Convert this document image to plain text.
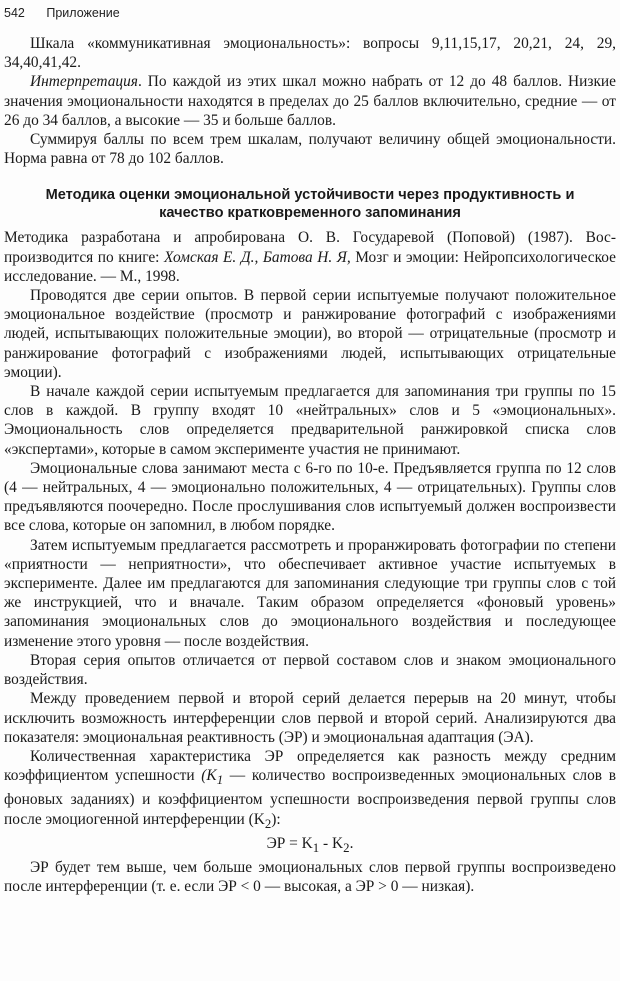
542 Приложение

Шкала «коммуникативная эмоциональность»: вопросы 9,11,15,17, 20,21, 24, 29, 34,40,41,42.

Интерпретация. По каждой из этих шкал можно набрать от 12 до 48 баллов. Низкие значения эмоциональности находятся в пределах до 25 баллов включительно, средние — от 26 до 34 баллов, а высокие — 35 и больше баллов.

Суммируя баллы по всем трем шкалам, получают величину общей эмоциональности. Норма равна от 78 до 102 баллов.

Методика оценки эмоциональной устойчивости через продуктивность и качество кратковременного запоминания

Методика разработана и апробирована О. В. Государевой (Поповой) (1987). Воспроизводится по книге: Хомская Е. Д., Батова Н. Я, Мозг и эмоции: Нейропсихологическое исследование. — М., 1998.

Проводятся две серии опытов. В первой серии испытуемые получают положительное эмоциональное воздействие (просмотр и ранжирование фотографий с изображениями людей, испытывающих положительные эмоции), во второй — отрицательные (просмотр и ранжирование фотографий с изображениями людей, испытывающих отрицательные эмоции).

В начале каждой серии испытуемым предлагается для запоминания три группы по 15 слов в каждой. В группу входят 10 «нейтральных» слов и 5 «эмоциональных». Эмоциональность слов определяется предварительной ранжировкой списка слов «экспертами», которые в самом эксперименте участия не принимают.

Эмоциональные слова занимают места с 6-го по 10-е. Предъявляется группа по 12 слов (4 — нейтральных, 4 — эмоционально положительных, 4 — отрицательных). Группы слов предъявляются поочередно. После прослушивания слов испытуемый должен воспроизвести все слова, которые он запомнил, в любом порядке.

Затем испытуемым предлагается рассмотреть и проранжировать фотографии по степени «приятности — неприятности», что обеспечивает активное участие испытуемых в эксперименте. Далее им предлагаются для запоминания следующие три группы слов с той же инструкцией, что и вначале. Таким образом определяется «фоновый уровень» запоминания эмоциональных слов до эмоционального воздействия и последующее изменение этого уровня — после воздействия.

Вторая серия опытов отличается от первой составом слов и знаком эмоционального воздействия.

Между проведением первой и второй серий делается перерыв на 20 минут, чтобы исключить возможность интерференции слов первой и второй серий. Анализируются два показателя: эмоциональная реактивность (ЭР) и эмоциональная адаптация (ЭА).

Количественная характеристика ЭР определяется как разность между средним коэффициентом успешности ($K_1$ — количество воспроизведенных эмоциональных слов в фоновых заданиях) и коэффициентом успешности воспроизведения первой группы слов после эмоциогенной интерференции $(K_2)$:

ЭР = $K_1 - K_2$.

ЭР будет тем выше, чем больше эмоциональных слов первой группы воспроизведено после интерференции (т. е. если ЭР < 0 — высокая, а ЭР > 0 — низкая).
